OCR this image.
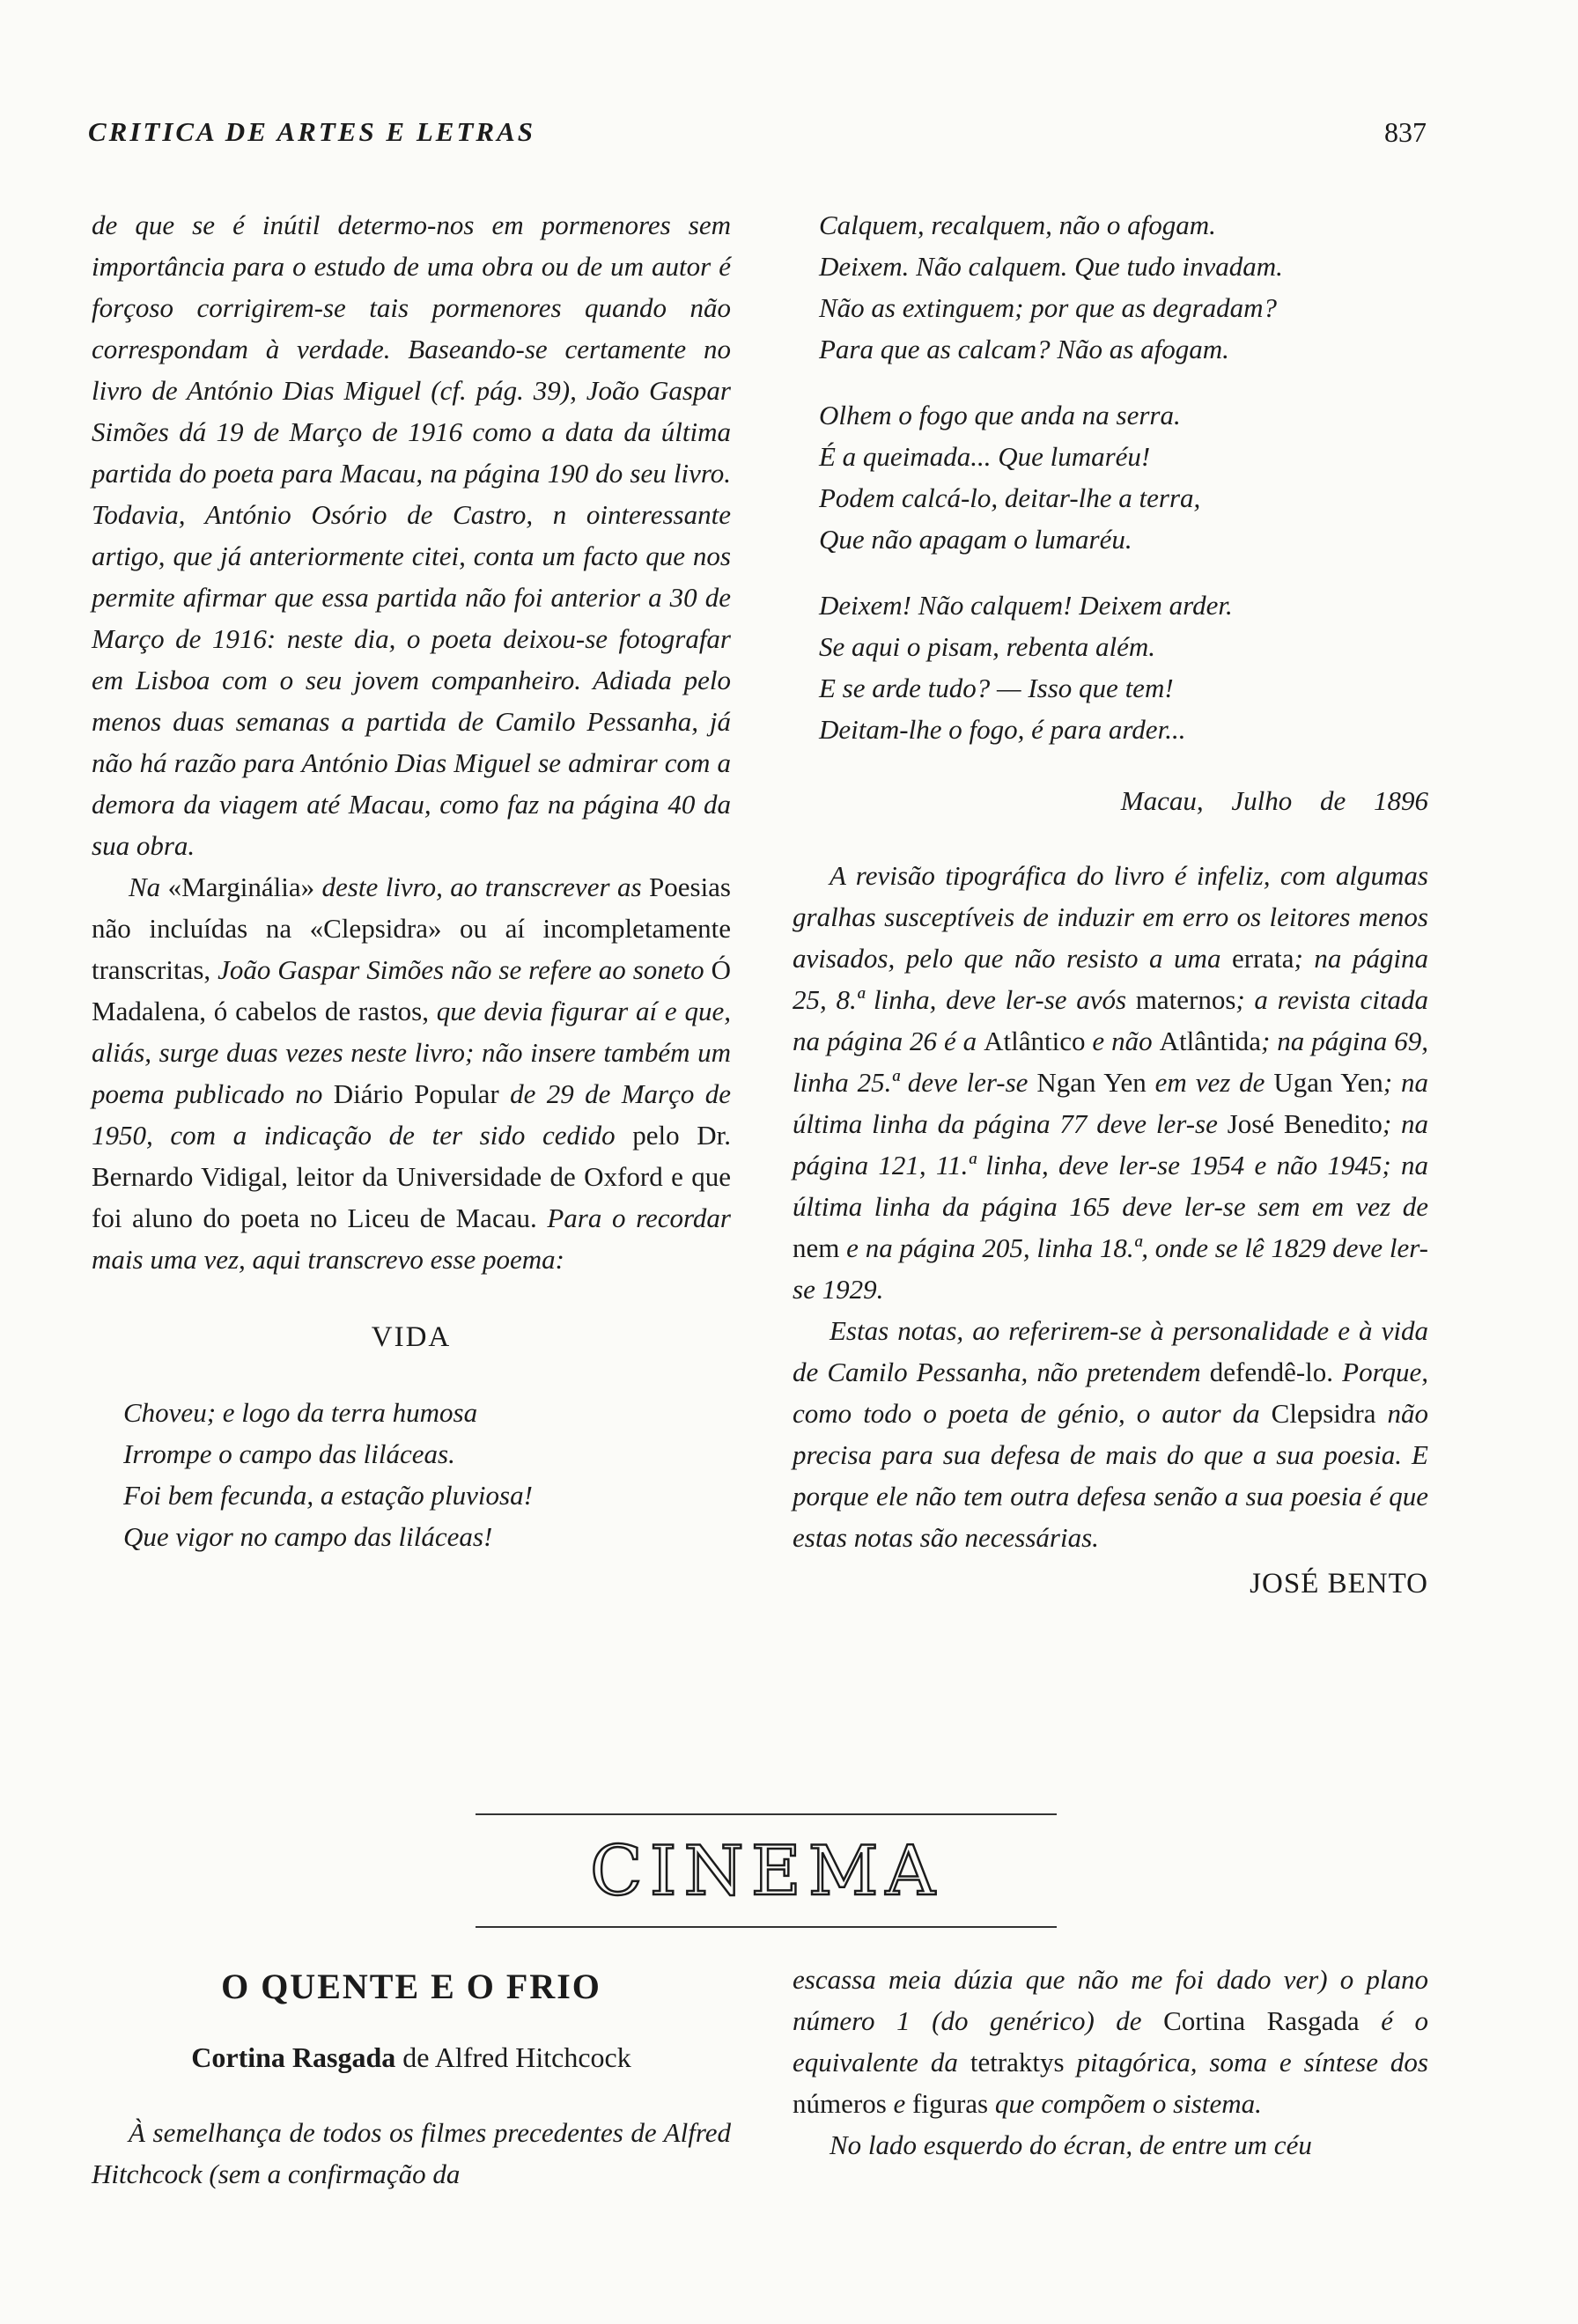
CRITICA DE ARTES E LETRAS	837

de que se é inútil determo-nos em pormenores sem importância para o estudo de uma obra ou de um autor é forçoso corrigirem-se tais pormenores quando não correspondam à verdade. Baseando-se certamente no livro de António Dias Miguel (cf. pág. 39), João Gaspar Simões dá 19 de Março de 1916 como a data da última partida do poeta para Macau, na página 190 do seu livro. Todavia, António Osório de Castro, n ointeressante artigo, que já anteriormente citei, conta um facto que nos permite afirmar que essa partida não foi anterior a 30 de Março de 1916: neste dia, o poeta deixou-se fotografar em Lisboa com o seu jovem companheiro. Adiada pelo menos duas semanas a partida de Camilo Pessanha, já não há razão para António Dias Miguel se admirar com a demora da viagem até Macau, como faz na página 40 da sua obra.

Na «Marginália» deste livro, ao transcrever as Poesias não incluídas na «Clepsidra» ou aí incompletamente transcritas, João Gaspar Simões não se refere ao soneto Ó Madalena, ó cabelos de rastos, que devia figurar aí e que, aliás, surge duas vezes neste livro; não insere também um poema publicado no Diário Popular de 29 de Março de 1950, com a indicação de ter sido cedido pelo Dr. Bernardo Vidigal, leitor da Universidade de Oxford e que foi aluno do poeta no Liceu de Macau. Para o recordar mais uma vez, aqui transcrevo esse poema:

VIDA

Choveu; e logo da terra humosa
Irrompe o campo das liláceas.
Foi bem fecunda, a estação pluviosa!
Que vigor no campo das liláceas!
Calquem, recalquem, não o afogam.
Deixem. Não calquem. Que tudo invadam.
Não as extinguem; por que as degradam?
Para que as calcam? Não as afogam.
Olhem o fogo que anda na serra.
É a queimada... Que lumaréu!
Podem calcá-lo, deitar-lhe a terra,
Que não apagam o lumaréu.
Deixem! Não calquem! Deixem arder.
Se aqui o pisam, rebenta além.
E se arde tudo? — Isso que tem!
Deitam-lhe o fogo, é para arder...

Macau, Julho de 1896

A revisão tipográfica do livro é infeliz, com algumas gralhas susceptíveis de induzir em erro os leitores menos avisados, pelo que não resisto a uma errata; na página 25, 8.ª linha, deve ler-se avós maternos; a revista citada na página 26 é a Atlântico e não Atlântida; na página 69, linha 25.ª deve ler-se Ngan Yen em vez de Ugan Yen; na última linha da página 77 deve ler-se José Benedito; na página 121, 11.ª linha, deve ler-se 1954 e não 1945; na última linha da página 165 deve ler-se sem em vez de nem e na página 205, linha 18.ª, onde se lê 1829 deve ler-se 1929.

Estas notas, ao referirem-se à personalidade e à vida de Camilo Pessanha, não pretendem defendê-lo. Porque, como todo o poeta de génio, o autor da Clepsidra não precisa para sua defesa de mais do que a sua poesia. E porque ele não tem outra defesa senão a sua poesia é que estas notas são necessárias.

JOSÉ BENTO

CINEMA

O QUENTE E O FRIO

Cortina Rasgada de Alfred Hitchcock

À semelhança de todos os filmes precedentes de Alfred Hitchcock (sem a confirmação da

escassa meia dúzia que não me foi dado ver) o plano número 1 (do genérico) de Cortina Rasgada é o equivalente da tetraktys pitagórica, soma e síntese dos números e figuras que compõem o sistema.

No lado esquerdo do écran, de entre um céu
